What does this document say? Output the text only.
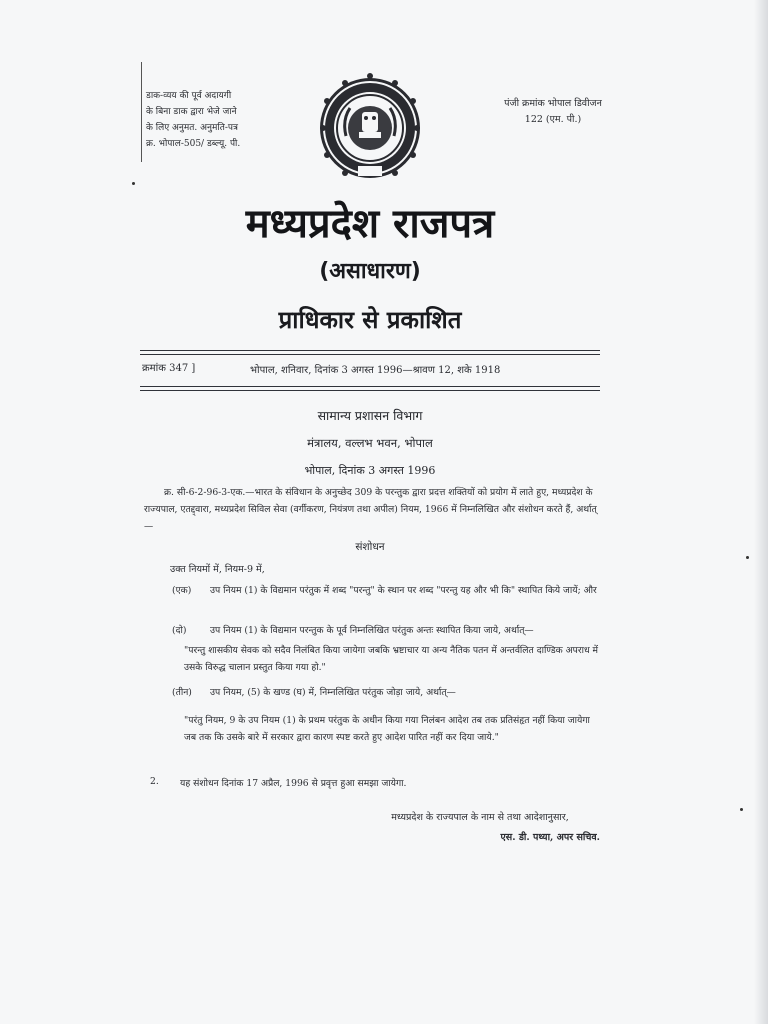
डाक-व्यय की पूर्व अदायगी
के बिना डाक द्वारा भेजे जाने
के लिए अनुमत. अनुमति-पत्र
क्र. भोपाल-505/ डब्ल्यू. पी.
पंजी क्रमांक भोपाल डिवीजन
122 (एम. पी.)
मध्यप्रदेश राजपत्र
(असाधारण)
प्राधिकार से प्रकाशित
क्रमांक 347 ]	भोपाल, शनिवार, दिनांक 3 अगस्त 1996—श्रावण 12, शके 1918
सामान्य प्रशासन विभाग
मंत्रालय, वल्लभ भवन, भोपाल
भोपाल, दिनांक 3 अगस्त 1996
क्र. सी-6-2-96-3-एक.—भारत के संविधान के अनुच्छेद 309 के परन्तुक द्वारा प्रदत्त शक्तियों को प्रयोग में लाते हुए, मध्यप्रदेश के राज्यपाल, एतद्द्वारा, मध्यप्रदेश सिविल सेवा (वर्गीकरण, नियंत्रण तथा अपील) नियम, 1966 में निम्नलिखित और संशोधन करते हैं, अर्थात्—
संशोधन
उक्त नियमों में, नियम-9 में,
(एक)	उप नियम (1) के विद्यमान परंतुक में शब्द "परन्तु" के स्थान पर शब्द "परन्तु यह और भी कि" स्थापित किये जायें; और
(दो)	उप नियम (1) के विद्यमान परन्तुक के पूर्व निम्नलिखित परंतुक अन्तः स्थापित किया जाये, अर्थात्—
"परन्तु शासकीय सेवक को सदैव निलंबित किया जायेगा जबकि भ्रष्टाचार या अन्य नैतिक पतन में अन्तर्वलित दाण्डिक अपराध में उसके विरुद्ध चालान प्रस्तुत किया गया हो."
(तीन)	उप नियम, (5) के खण्ड (घ) में, निम्नलिखित परंतुक जोड़ा जाये, अर्थात्—
"परंतु नियम, 9 के उप नियम (1) के प्रथम परंतुक के अधीन किया गया निलंबन आदेश तब तक प्रतिसंहृत नहीं किया जायेगा जब तक कि उसके बारे में सरकार द्वारा कारण स्पष्ट करते हुए आदेश पारित नहीं कर दिया जाये."
2.	यह संशोधन दिनांक 17 अप्रैल, 1996 से प्रवृत्त हुआ समझा जायेगा.
मध्यप्रदेश के राज्यपाल के नाम से तथा आदेशानुसार,
एस. डी. पथ्या, अपर सचिव.
